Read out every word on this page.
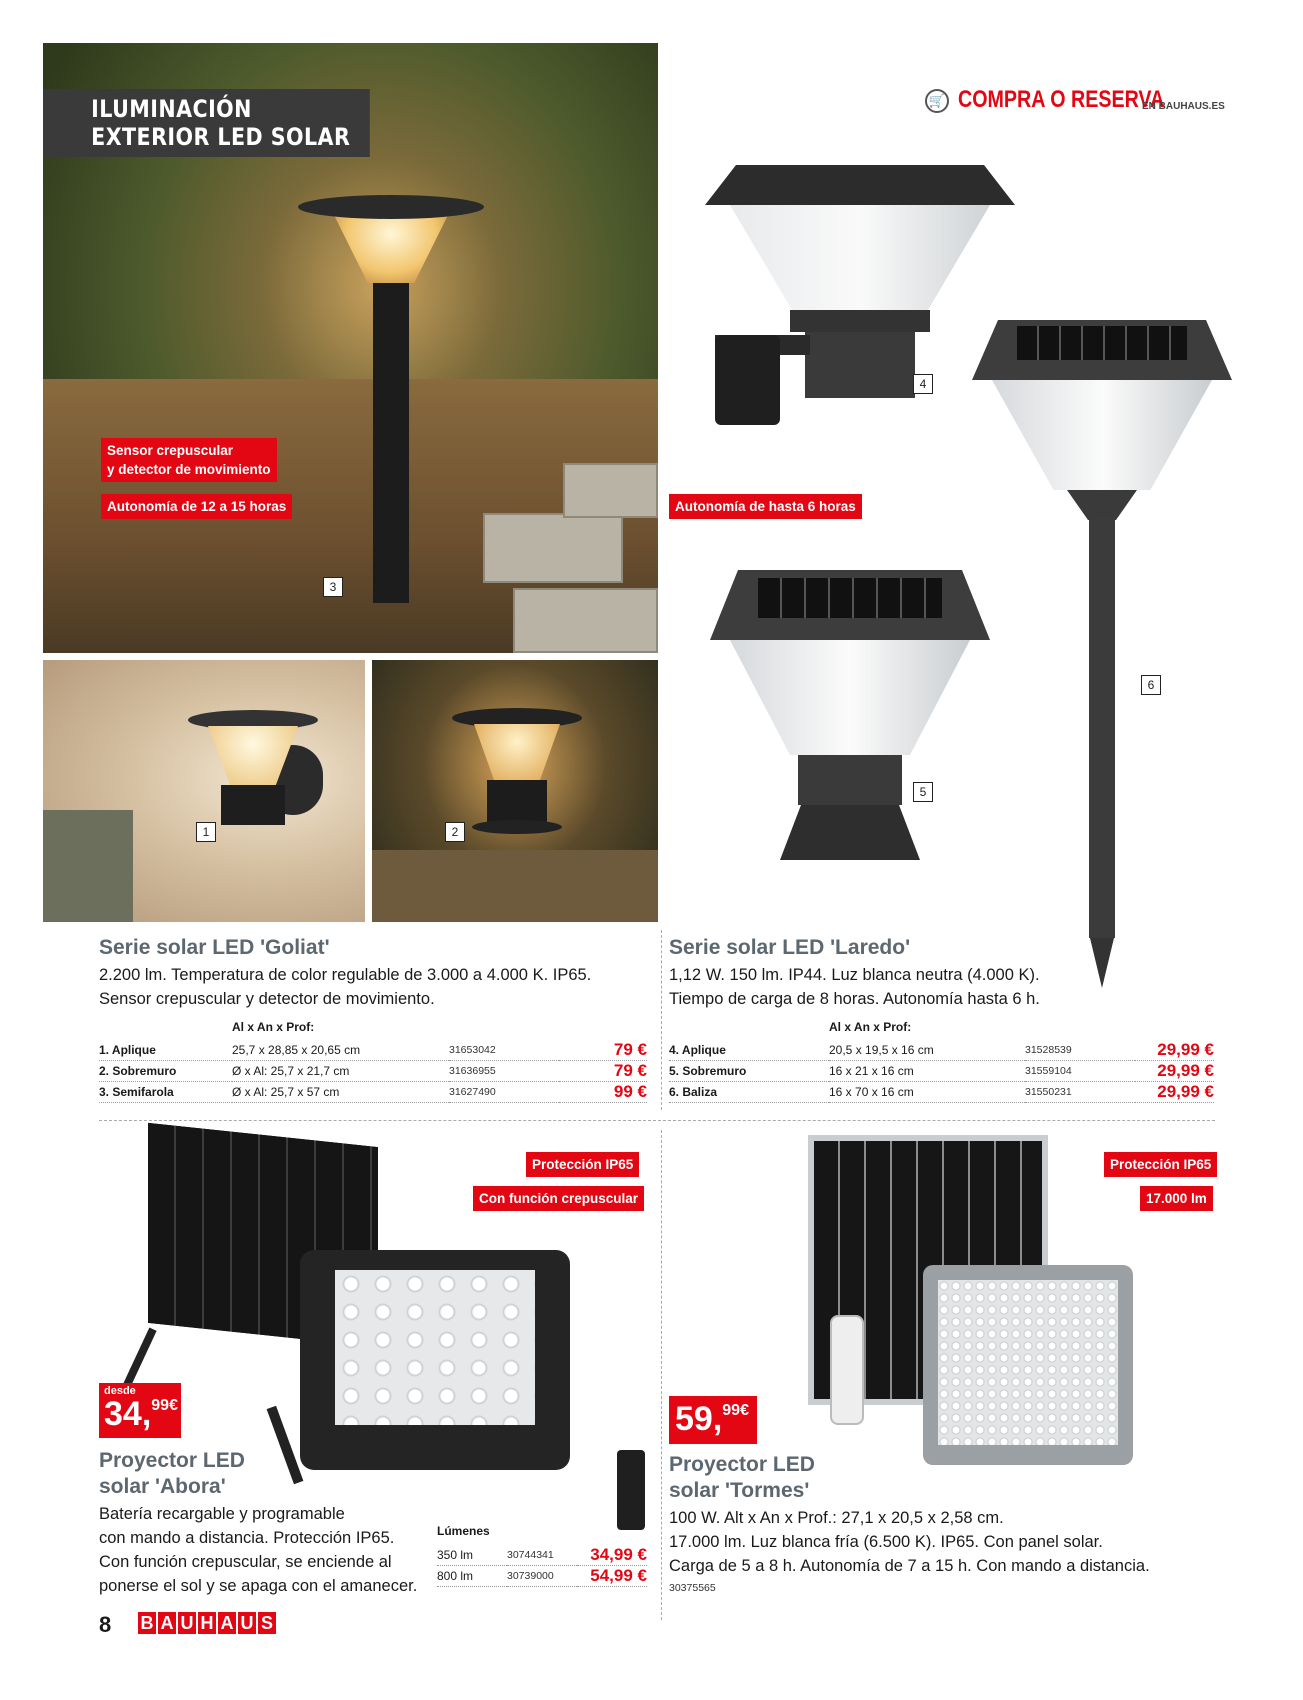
ILUMINACIÓN EXTERIOR LED SOLAR
Sensor crepuscular
y detector de movimiento
Autonomía de 12 a 15 horas
3
1	2
🛒 COMPRA O RESERVA
EN BAUHAUS.ES
4
Autonomía de hasta 6 horas
5
6
Serie solar LED 'Goliat'
2.200 lm. Temperatura de color regulable de 3.000 a 4.000 K. IP65.
Sensor crepuscular y detector de movimiento.
Al x An x Prof:
1. Aplique	25,7 x 28,85 x 20,65 cm	31653042	79 €
2. Sobremuro	Ø x Al: 25,7 x 21,7 cm	31636955	79 €
3. Semifarola	Ø x Al: 25,7 x 57 cm	31627490	99 €
Serie solar LED 'Laredo'
1,12 W. 150 lm. IP44. Luz blanca neutra (4.000 K).
Tiempo de carga de 8 horas. Autonomía hasta 6 h.
Al x An x Prof:
4. Aplique	20,5 x 19,5 x 16 cm	31528539	29,99 €
5. Sobremuro	16 x 21 x 16 cm	31559104	29,99 €
6. Baliza	16 x 70 x 16 cm	31550231	29,99 €
Protección IP65
Con función crepuscular
desde
34,99€
Proyector LED
solar 'Abora'
Batería recargable y programable
con mando a distancia. Protección IP65.
Con función crepuscular, se enciende al
ponerse el sol y se apaga con el amanecer.
Lúmenes
350 lm	30744341	34,99 €
800 lm	30739000	54,99 €
Protección IP65
17.000 lm
59,99€
Proyector LED
solar 'Tormes'
100 W. Alt x An x Prof.: 27,1 x 20,5 x 2,58 cm.
17.000 lm. Luz blanca fría (6.500 K). IP65. Con panel solar.
Carga de 5 a 8 h. Autonomía de 7 a 15 h. Con mando a distancia.
30375565
8 B A U H A U S
